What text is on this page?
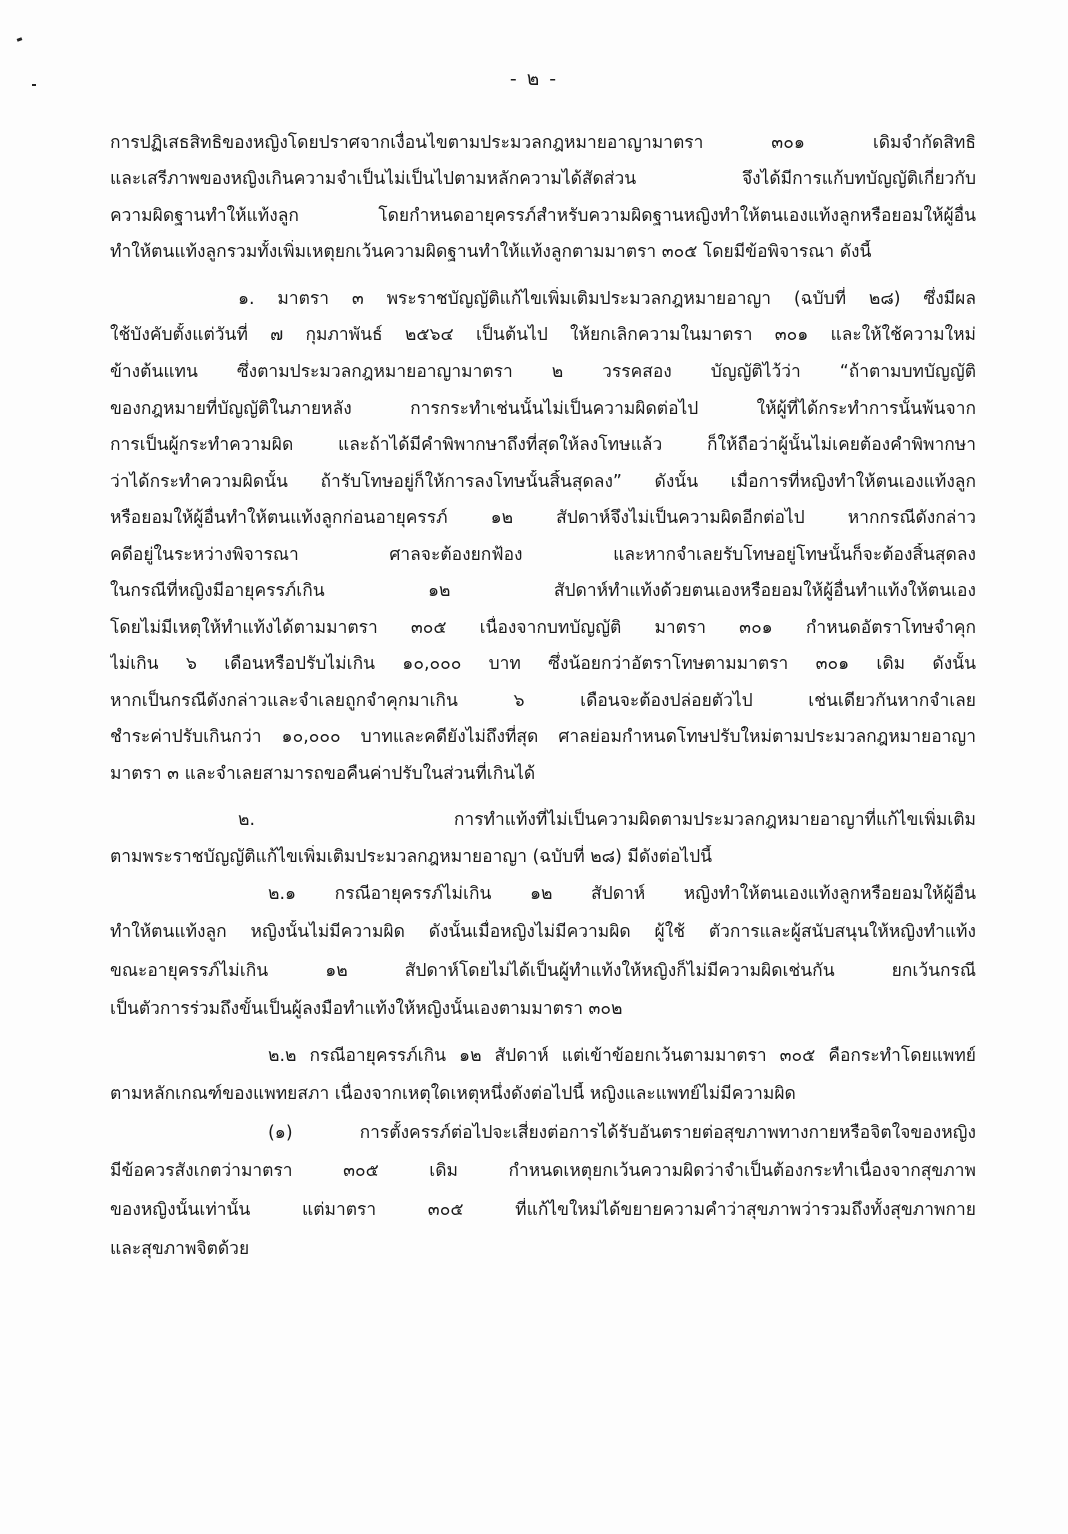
- ๒ -
การปฏิเสธสิทธิของหญิงโดยปราศจากเงื่อนไขตามประมวลกฎหมายอาญามาตรา ๓๐๑ เดิมจำกัดสิทธิ
และเสรีภาพของหญิงเกินความจำเป็นไม่เป็นไปตามหลักความได้สัดส่วน จึงได้มีการแก้บทบัญญัติเกี่ยวกับ
ความผิดฐานทำให้แท้งลูก โดยกำหนดอายุครรภ์สำหรับความผิดฐานหญิงทำให้ตนเองแท้งลูกหรือยอมให้ผู้อื่น
ทำให้ตนแท้งลูกรวมทั้งเพิ่มเหตุยกเว้นความผิดฐานทำให้แท้งลูกตามมาตรา ๓๐๕ โดยมีข้อพิจารณา ดังนี้
๑. มาตรา ๓ พระราชบัญญัติแก้ไขเพิ่มเติมประมวลกฎหมายอาญา (ฉบับที่ ๒๘) ซึ่งมีผล
ใช้บังคับตั้งแต่วันที่ ๗ กุมภาพันธ์ ๒๕๖๔ เป็นต้นไป ให้ยกเลิกความในมาตรา ๓๐๑ และให้ใช้ความใหม่
ข้างต้นแทน ซึ่งตามประมวลกฎหมายอาญามาตรา ๒ วรรคสอง บัญญัติไว้ว่า “ถ้าตามบทบัญญัติ
ของกฎหมายที่บัญญัติในภายหลัง การกระทำเช่นนั้นไม่เป็นความผิดต่อไป ให้ผู้ที่ได้กระทำการนั้นพ้นจาก
การเป็นผู้กระทำความผิด และถ้าได้มีคำพิพากษาถึงที่สุดให้ลงโทษแล้ว ก็ให้ถือว่าผู้นั้นไม่เคยต้องคำพิพากษา
ว่าได้กระทำความผิดนั้น ถ้ารับโทษอยู่ก็ให้การลงโทษนั้นสิ้นสุดลง” ดังนั้น เมื่อการที่หญิงทำให้ตนเองแท้งลูก
หรือยอมให้ผู้อื่นทำให้ตนแท้งลูกก่อนอายุครรภ์ ๑๒ สัปดาห์จึงไม่เป็นความผิดอีกต่อไป หากกรณีดังกล่าว
คดีอยู่ในระหว่างพิจารณา ศาลจะต้องยกฟ้อง และหากจำเลยรับโทษอยู่โทษนั้นก็จะต้องสิ้นสุดลง
ในกรณีที่หญิงมีอายุครรภ์เกิน ๑๒ สัปดาห์ทำแท้งด้วยตนเองหรือยอมให้ผู้อื่นทำแท้งให้ตนเอง
โดยไม่มีเหตุให้ทำแท้งได้ตามมาตรา ๓๐๕ เนื่องจากบทบัญญัติ มาตรา ๓๐๑ กำหนดอัตราโทษจำคุก
ไม่เกิน ๖ เดือนหรือปรับไม่เกิน ๑๐,๐๐๐ บาท ซึ่งน้อยกว่าอัตราโทษตามมาตรา ๓๐๑ เดิม ดังนั้น
หากเป็นกรณีดังกล่าวและจำเลยถูกจำคุกมาเกิน ๖ เดือนจะต้องปล่อยตัวไป เช่นเดียวกันหากจำเลย
ชำระค่าปรับเกินกว่า ๑๐,๐๐๐ บาทและคดียังไม่ถึงที่สุด ศาลย่อมกำหนดโทษปรับใหม่ตามประมวลกฎหมายอาญา
มาตรา ๓ และจำเลยสามารถขอคืนค่าปรับในส่วนที่เกินได้
๒. การทำแท้งที่ไม่เป็นความผิดตามประมวลกฎหมายอาญาที่แก้ไขเพิ่มเติม
ตามพระราชบัญญัติแก้ไขเพิ่มเติมประมวลกฎหมายอาญา (ฉบับที่ ๒๘) มีดังต่อไปนี้
๒.๑ กรณีอายุครรภ์ไม่เกิน ๑๒ สัปดาห์ หญิงทำให้ตนเองแท้งลูกหรือยอมให้ผู้อื่น
ทำให้ตนแท้งลูก หญิงนั้นไม่มีความผิด ดังนั้นเมื่อหญิงไม่มีความผิด ผู้ใช้ ตัวการและผู้สนับสนุนให้หญิงทำแท้ง
ขณะอายุครรภ์ไม่เกิน ๑๒ สัปดาห์โดยไม่ได้เป็นผู้ทำแท้งให้หญิงก็ไม่มีความผิดเช่นกัน ยกเว้นกรณี
เป็นตัวการร่วมถึงขั้นเป็นผู้ลงมือทำแท้งให้หญิงนั้นเองตามมาตรา ๓๐๒
๒.๒ กรณีอายุครรภ์เกิน ๑๒ สัปดาห์ แต่เข้าข้อยกเว้นตามมาตรา ๓๐๕ คือกระทำโดยแพทย์
ตามหลักเกณฑ์ของแพทยสภา เนื่องจากเหตุใดเหตุหนึ่งดังต่อไปนี้ หญิงและแพทย์ไม่มีความผิด
(๑) การตั้งครรภ์ต่อไปจะเสี่ยงต่อการได้รับอันตรายต่อสุขภาพทางกายหรือจิตใจของหญิง
มีข้อควรสังเกตว่ามาตรา ๓๐๕ เดิม กำหนดเหตุยกเว้นความผิดว่าจำเป็นต้องกระทำเนื่องจากสุขภาพ
ของหญิงนั้นเท่านั้น แต่มาตรา ๓๐๕ ที่แก้ไขใหม่ได้ขยายความคำว่าสุขภาพว่ารวมถึงทั้งสุขภาพกาย
และสุขภาพจิตด้วย
